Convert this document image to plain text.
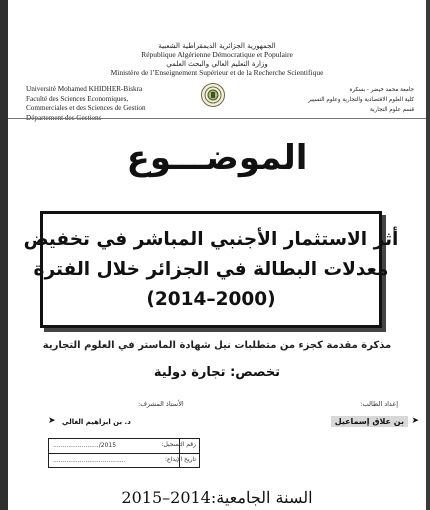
الجمهورية الجزائرية الديمقراطية الشعبية
République Algérienne Démocratique et Populaire
وزارة التعليم العالي والبحث العلمي
Ministère de l’Enseignement Supérieur et de la Recherche Scientifique
Université Mohamed KHIDHER-Biskra
Faculté des Sciences Economiques,
Commerciales et des Sciences de Gestion
Département des Gestions
جامعة محمد خيضر - بسكرة
كلية العلوم الاقتصادية والتجارية وعلوم التسيير
قسم علوم التجارية
الموضـــوع
أثر الاستثمار الأجنبي المباشر في تخفيض
معدلات البطالة في الجزائر خلال الفترة
(2000–2014)
مذكرة مقدمة كجزء من متطلبات نيل شهادة الماستر في العلوم التجارية
تخصص: تجارة دولية
إعداد الطالب:
الأستاذ المشرف:
بن علاق إسماعيل ➤
د. بن ابراهيم الغالي
➤
......................../2015	رقم التسجيل:
......................................	تاريخ الإيداع:
السنة الجامعية:2014–2015
